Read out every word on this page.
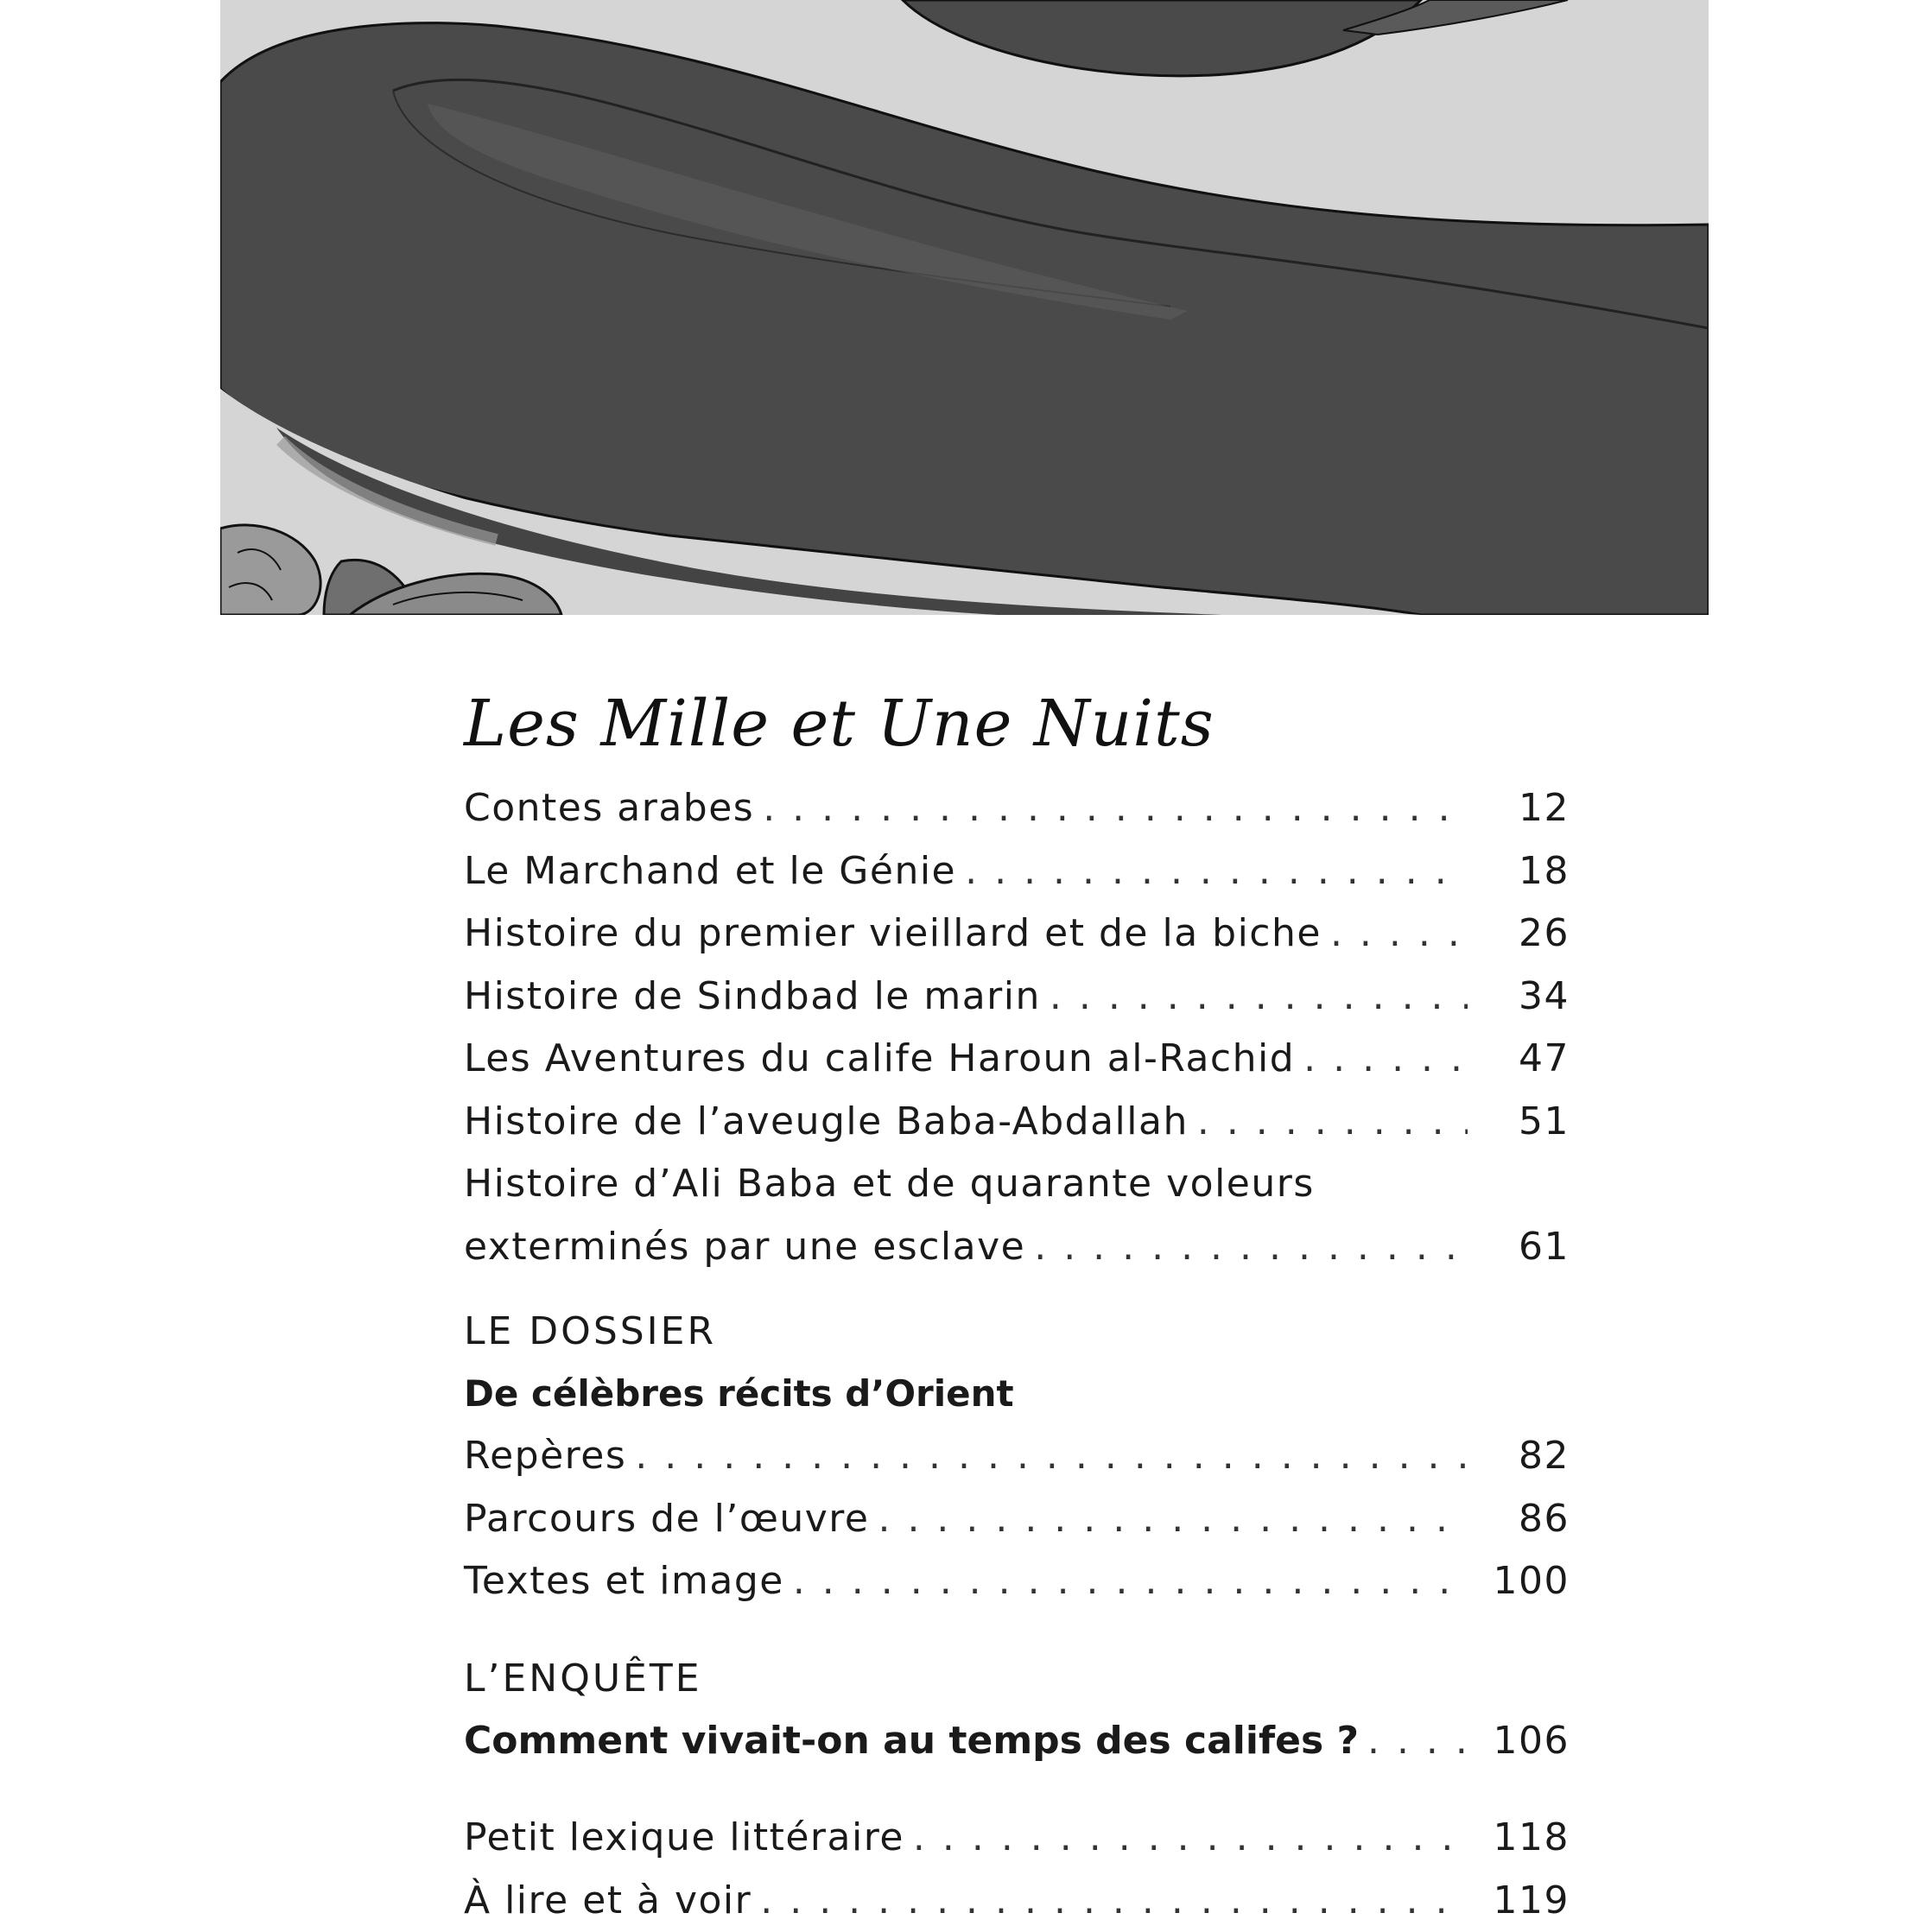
Les Mille et Une Nuits
Contes arabes . . .	12
Le Marchand et le Génie . . .	18
Histoire du premier vieillard et de la biche . . .	26
Histoire de Sindbad le marin . . .	34
Les Aventures du calife Haroun al-Rachid . . .	47
Histoire de l’aveugle Baba-Abdallah . . .	51
Histoire d’Ali Baba et de quarante voleurs
exterminés par une esclave . . .	61
LE DOSSIER
De célèbres récits d’Orient
Repères . . .	82
Parcours de l’œuvre . . .	86
Textes et image . . .	100
L’ENQUÊTE
Comment vivait-on au temps des califes ? . . .	106
Petit lexique littéraire . . .	118
À lire et à voir . . .	119
